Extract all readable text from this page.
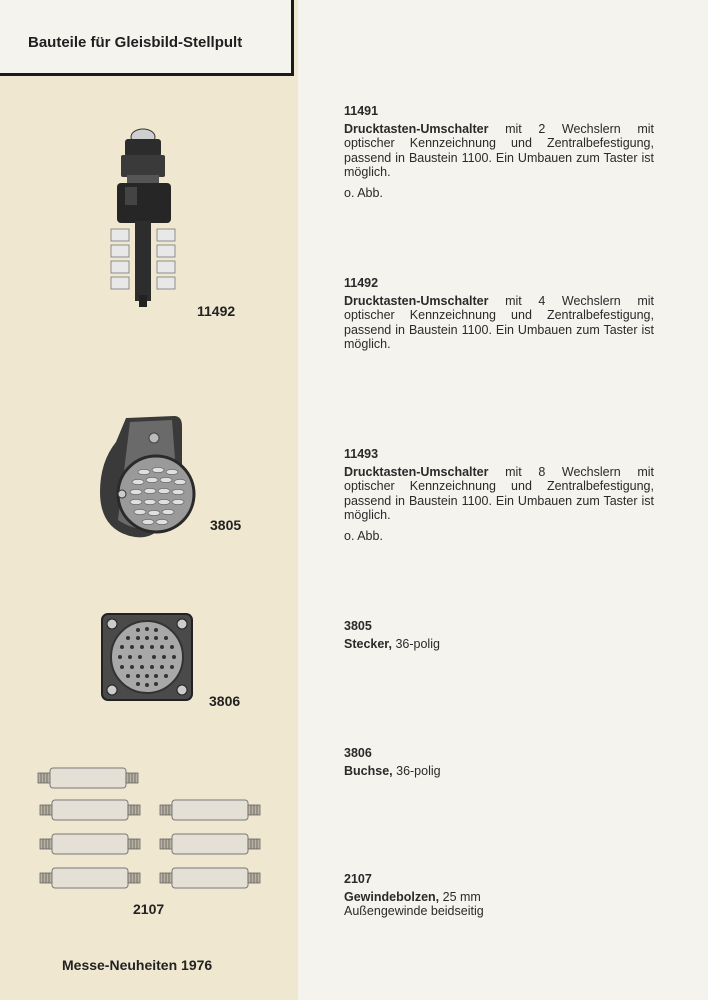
Bauteile für Gleisbild-Stellpult
11492
3805
3806
2107
Messe-Neuheiten 1976
11491
Drucktasten-Umschalter mit 2 Wechslern mit optischer Kennzeichnung und Zentralbefestigung, passend in Baustein 1100. Ein Umbauen zum Taster ist möglich.
o. Abb.
11492
Drucktasten-Umschalter mit 4 Wechslern mit optischer Kennzeichnung und Zentralbefestigung, passend in Baustein 1100. Ein Umbauen zum Taster ist möglich.
11493
Drucktasten-Umschalter mit 8 Wechslern mit optischer Kennzeichnung und Zentralbefestigung, passend in Baustein 1100. Ein Umbauen zum Taster ist möglich.
o. Abb.
3805
Stecker, 36-polig
3806
Buchse, 36-polig
2107
Gewindebolzen, 25 mm
Außengewinde beidseitig
